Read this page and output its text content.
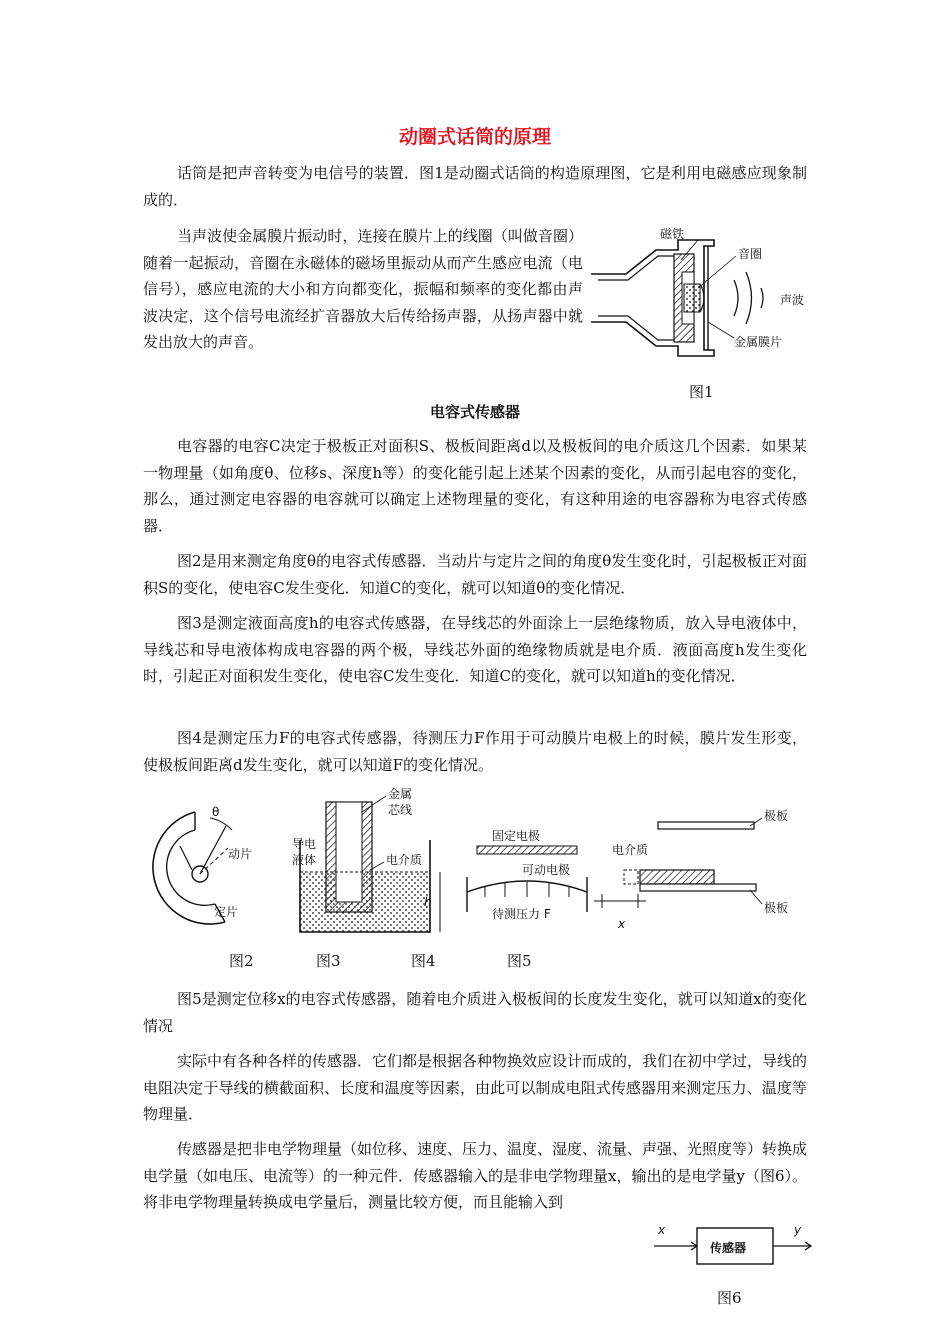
动圈式话筒的原理

话筒是把声音转变为电信号的装置．图1是动圈式话筒的构造原理图，它是利用电磁感应现象制成的．

当声波使金属膜片振动时，连接在膜片上的线圈（叫做音圈）随着一起振动，音圈在永磁体的磁场里振动从而产生感应电流（电信号），感应电流的大小和方向都变化，振幅和频率的变化都由声波决定，这个信号电流经扩音器放大后传给扬声器，从扬声器中就发出放大的声音。

磁铁
音圈
声波
金属膜片
图1
电容式传感器

电容器的电容C决定于极板正对面积S、极板间距离d以及极板间的电介质这几个因素．如果某一物理量（如角度θ、位移s、深度h等）的变化能引起上述某个因素的变化，从而引起电容的变化，那么，通过测定电容器的电容就可以确定上述物理量的变化，有这种用途的电容器称为电容式传感器．

图2是用来测定角度θ的电容式传感器．当动片与定片之间的角度θ发生变化时，引起极板正对面积S的变化，使电容C发生变化．知道C的变化，就可以知道θ的变化情况．

图3是测定液面高度h的电容式传感器，在导线芯的外面涂上一层绝缘物质，放入导电液体中，导线芯和导电液体构成电容器的两个极，导线芯外面的绝缘物质就是电介质．液面高度h发生变化时，引起正对面积发生变化，使电容C发生变化．知道C的变化，就可以知道h的变化情况．

图4是测定压力F的电容式传感器，待测压力F作用于可动膜片电极上的时候，膜片发生形变，使极板间距离d发生变化，就可以知道F的变化情况。

θ
动片
定片
金属
芯线
导电
液体	电介质
h
固定电极
可动电极
待测压力 F
极板
电介质
极板
x
图2	图3	图4	图5

图5是测定位移x的电容式传感器，随着电介质进入极板间的长度发生变化，就可以知道x的变化情况

实际中有各种各样的传感器．它们都是根据各种物换效应设计而成的，我们在初中学过，导线的电阻决定于导线的横截面积、长度和温度等因素，由此可以制成电阻式传感器用来测定压力、温度等物理量．

传感器是把非电学物理量（如位移、速度、压力、温度、湿度、流量、声强、光照度等）转换成电学量（如电压、电流等）的一种元件．传感器输入的是非电学物理量x，输出的是电学量y（图6）。将非电学物理量转换成电学量后，测量比较方便，而且能输入到

x
传感器
y
图6
